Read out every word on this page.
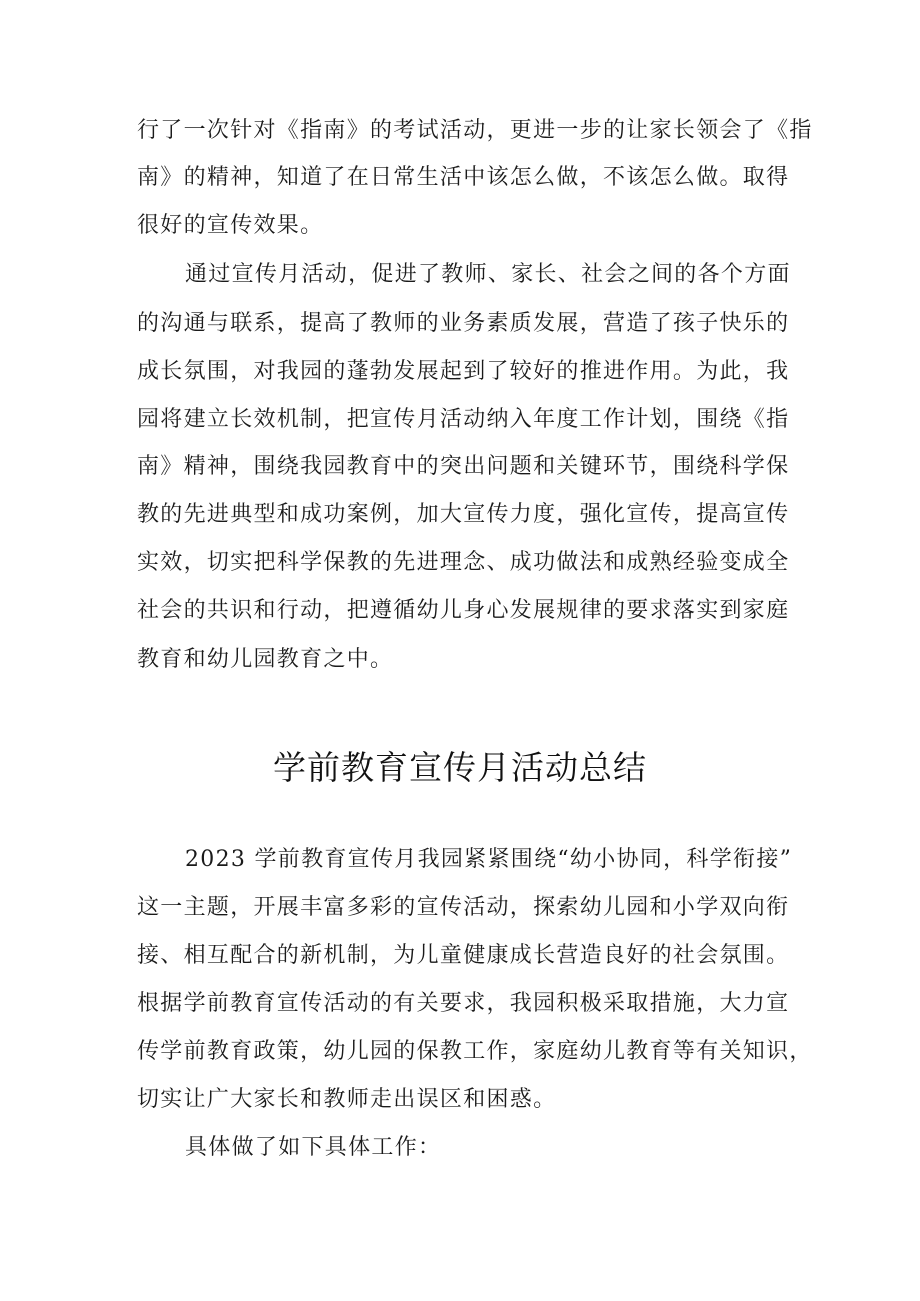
行了一次针对《指南》的考试活动，更进一步的让家长领会了《指
南》的精神，知道了在日常生活中该怎么做，不该怎么做。取得
很好的宣传效果。
通过宣传月活动，促进了教师、家长、社会之间的各个方面
的沟通与联系，提高了教师的业务素质发展，营造了孩子快乐的
成长氛围，对我园的蓬勃发展起到了较好的推进作用。为此，我
园将建立长效机制，把宣传月活动纳入年度工作计划，围绕《指
南》精神，围绕我园教育中的突出问题和关键环节，围绕科学保
教的先进典型和成功案例，加大宣传力度，强化宣传，提高宣传
实效，切实把科学保教的先进理念、成功做法和成熟经验变成全
社会的共识和行动，把遵循幼儿身心发展规律的要求落实到家庭
教育和幼儿园教育之中。
学前教育宣传月活动总结
2023 学前教育宣传月我园紧紧围绕“幼小协同，科学衔接”
这一主题，开展丰富多彩的宣传活动，探索幼儿园和小学双向衔
接、相互配合的新机制，为儿童健康成长营造良好的社会氛围。
根据学前教育宣传活动的有关要求，我园积极采取措施，大力宣
传学前教育政策，幼儿园的保教工作，家庭幼儿教育等有关知识，
切实让广大家长和教师走出误区和困惑。
具体做了如下具体工作：
